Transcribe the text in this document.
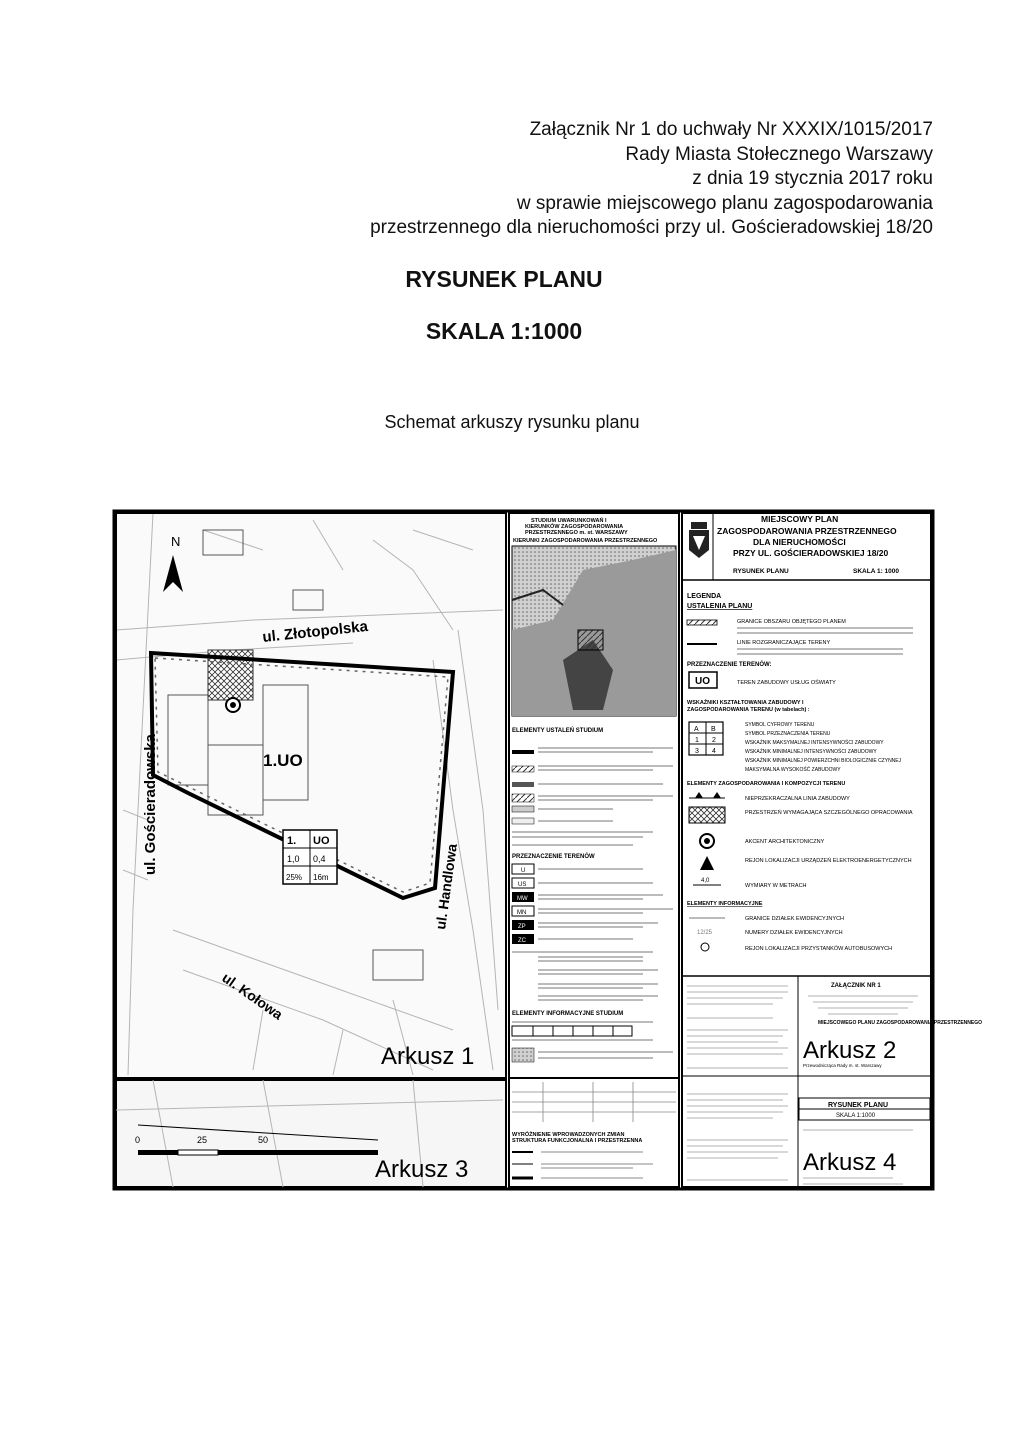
Załącznik Nr 1 do uchwały Nr XXXIX/1015/2017
Rady Miasta Stołecznego Warszawy
z dnia 19 stycznia 2017 roku
w sprawie miejscowego planu zagospodarowania
przestrzennego dla nieruchomości przy ul. Gościeradowskiej 18/20
RYSUNEK PLANU
SKALA 1:1000
Schemat arkuszy rysunku planu
1.UO
1. UO
1,0 0,4
25% 16m
ul. Złotopolska
ul. Gościeradowska
ul. Handlowa
ul. Kołowa
N
Arkusz 1
0	25	50
Arkusz 3
STUDIUM UWARUNKOWAŃ I KIERUNKÓW ZAGOSPODAROWANIA PRZESTRZENNEGO m. st. WARSZAWY
KIERUNKI ZAGOSPODAROWANIA PRZESTRZENNEGO
ELEMENTY USTALEŃ STUDIUM
PRZEZNACZENIE TERENÓW
U
US
MW
MN
ZP
ZC
ELEMENTY INFORMACYJNE STUDIUM
WYRÓŻNIENIE WPROWADZONYCH ZMIAN STRUKTURA FUNKCJONALNA I PRZESTRZENNA
MIEJSCOWY PLAN ZAGOSPODAROWANIA PRZESTRZENNEGO DLA NIERUCHOMOŚCI PRZY UL. GOŚCIERADOWSKIEJ 18/20
RYSUNEK PLANU	SKALA 1: 1000
LEGENDA
USTALENIA PLANU
GRANICE OBSZARU OBJĘTEGO PLANEM
LINIE ROZGRANICZAJĄCE TERENY
PRZEZNACZENIE TERENÓW:
UO	TEREN ZABUDOWY USŁUG OŚWIATY
WSKAŹNIKI KSZTAŁTOWANIA ZABUDOWY I ZAGOSPODAROWANIA TERENU (w tabelach) :
A B
1 2
3 4
SYMBOL CYFROWY TERENU
SYMBOL PRZEZNACZENIA TERENU
WSKAŹNIK MAKSYMALNEJ INTENSYWNOŚCI ZABUDOWY
WSKAŹNIK MINIMALNEJ INTENSYWNOŚCI ZABUDOWY
WSKAŹNIK MINIMALNEJ POWIERZCHNI BIOLOGICZNIE CZYNNEJ
MAKSYMALNA WYSOKOŚĆ ZABUDOWY
ELEMENTY ZAGOSPODAROWANIA I KOMPOZYCJI TERENU
NIEPRZEKRACZALNA LINIA ZABUDOWY
PRZESTRZEŃ WYMAGAJĄCA SZCZEGÓLNEGO OPRACOWANIA
AKCENT ARCHITEKTONICZNY
REJON LOKALIZACJI URZĄDZEŃ ELEKTROENERGETYCZNYCH
4,0
WYMIARY W METRACH
ELEMENTY INFORMACYJNE
GRANICE DZIAŁEK EWIDENCYJNYCH
12/25	NUMERY DZIAŁEK EWIDENCYJNYCH
REJON LOKALIZACJI PRZYSTANKÓW AUTOBUSOWYCH
ZAŁĄCZNIK NR 1
MIEJSCOWEGO PLANU ZAGOSPODAROWANIA PRZESTRZENNEGO
Arkusz 2
Przewodnicząca Rady m. st. Warszawy
RYSUNEK PLANU
SKALA 1:1000
Arkusz 4
